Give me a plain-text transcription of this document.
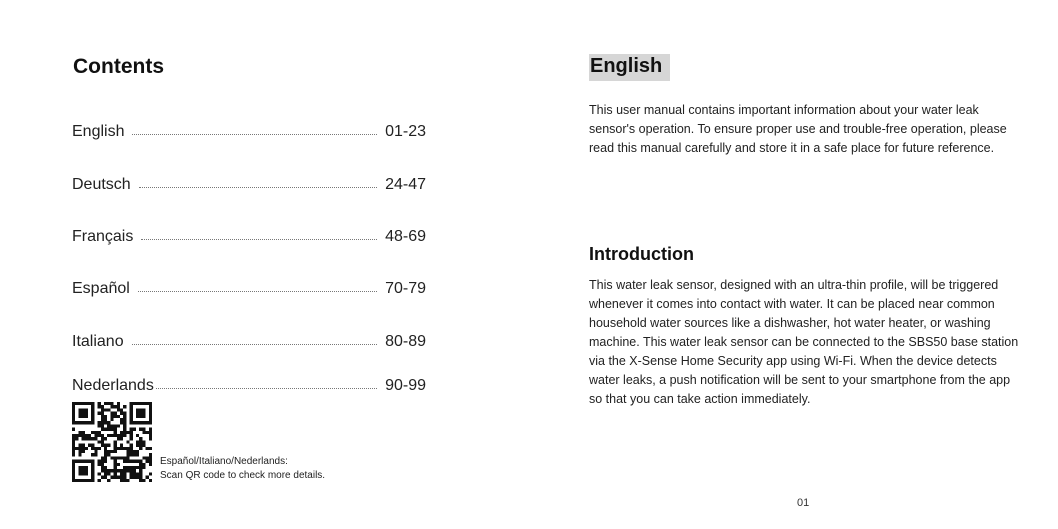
Contents
English	01-23
Deutsch	24-47
Français	48-69
Español	70-79
Italiano	80-89
Nederlands	90-99
Español/Italiano/Nederlands:
Scan QR code to check more details.
English

This user manual contains important information about your water leak sensor's operation. To ensure proper use and trouble-free operation, please read this manual carefully and store it in a safe place for future reference.

Introduction

This water leak sensor, designed with an ultra-thin profile, will be triggered whenever it comes into contact with water. It can be placed near common household water sources like a dishwasher, hot water heater, or washing machine. This water leak sensor can be connected to the SBS50 base station via the X-Sense Home Security app using Wi-Fi. When the device detects water leaks, a push notification will be sent to your smartphone from the app so that you can take action immediately.

01
